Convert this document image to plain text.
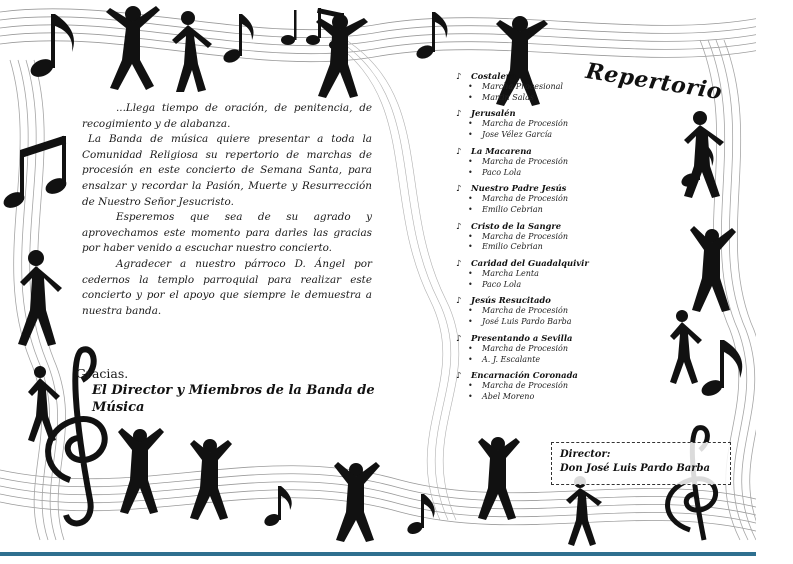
...Llega tiempo de oración, de penitencia, de recogimiento y de alabanza.

La Banda de música quiere presentar a toda la Comunidad Religiosa su repertorio de marchas de procesión en este concierto de Semana Santa, para ensalzar y recordar la Pasión, Muerte y Resurrección de Nuestro Señor Jesucristo.

Esperemos que sea de su agrado y aprovechamos este momento para darles las gracias por haber venido a escuchar nuestro concierto.

Agradecer a nuestro párroco D. Ángel por cedernos la templo parroquial para realizar este concierto y por el apoyo que siempre le demuestra a nuestra banda.

Gracias.
El Director y Miembros de la Banda de Música
Repertorio
♪ Costalero
• Marcha Procesional
• Martin Salas
♪ Jerusalén
• Marcha de Procesión
• Jose Vélez García
♪ La Macarena
• Marcha de Procesión
• Paco Lola
♪ Nuestro Padre Jesús
• Marcha de Procesión
• Emilio Cebrian
♪ Cristo de la Sangre
• Marcha de Procesión
• Emilio Cebrian
♪ Caridad del Guadalquivir
• Marcha Lenta
• Paco Lola
♪ Jesús Resucitado
• Marcha de Procesión
• José Luis Pardo Barba
♪ Presentando a Sevilla
• Marcha de Procesión
• A. J. Escalante
♪ Encarnación Coronada
• Marcha de Procesión
• Abel Moreno
Director:
Don José Luis Pardo Barba
